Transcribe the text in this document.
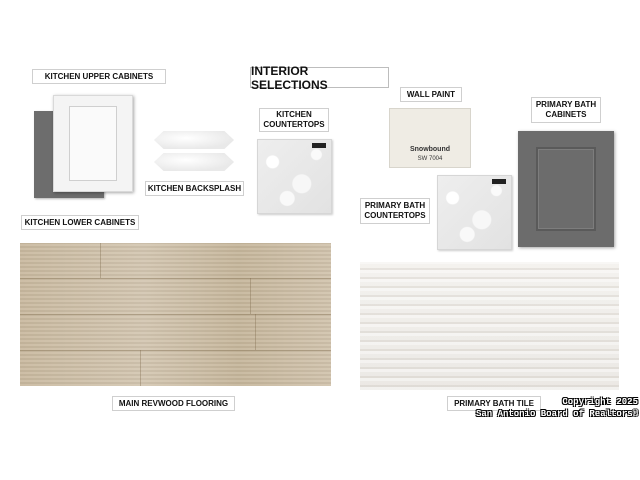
INTERIOR SELECTIONS
KITCHEN UPPER CABINETS
KITCHEN LOWER CABINETS
KITCHEN BACKSPLASH
KITCHEN
COUNTERTOPS
WALL PAINT
Snowbound
SW 7004
PRIMARY BATH
CABINETS
PRIMARY BATH
COUNTERTOPS
MAIN REVWOOD FLOORING	PRIMARY BATH TILE	Copyright 2025
San Antonio Board of Realtors®
